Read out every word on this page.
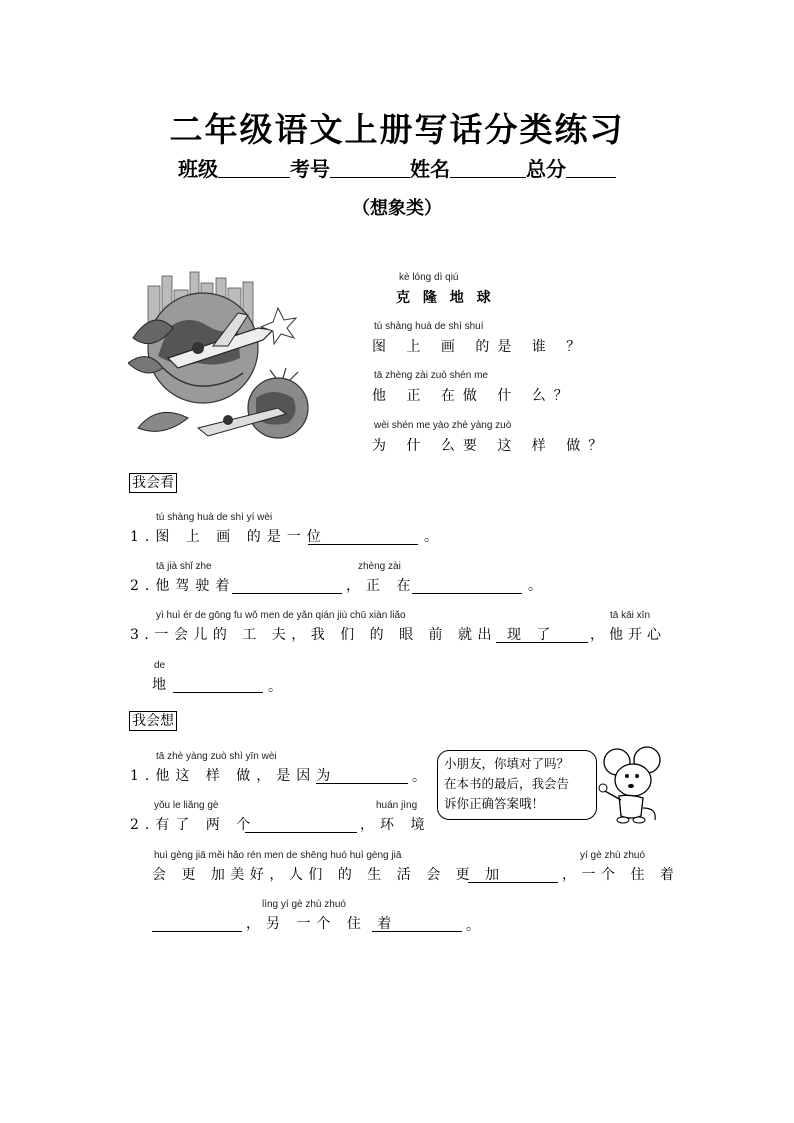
二年级语文上册写话分类练习
班级	考号	姓名	总分
（想象类）
kè lóng dì qiú
克 隆 地 球
tú shàng huà de shì shuí
图 上 画 的是 谁 ？
tā zhèng zài zuò shén me
他 正 在做 什 么？
wèi shén me yào zhè yàng zuò
为 什 么要 这 样 做？
我会看
tú shàng huà de shì yí wèi
1.图 上 画 的是一位	。
tā jià shǐ zhe
2.他驾驶着
zhèng zài
，正 在	。
yì huì ér de gōng fu wǒ men de yǎn qián jiù chū xiàn liǎo
3.一会儿的 工 夫，我 们 的 眼 前 就出 现 了
tā kāi xīn
，他开心
de
地	。
我会想
tā zhè yàng zuò shì yīn wèi
1.他这 样 做，是因为	。
yǒu le liǎng gè
2.有了 两 个
huán jìng
，环 境
huì gèng jiā měi hǎo rén men de shēng huó huì gèng jiā
会 更 加美好，人们 的 生 活 会 更 加
yí gè zhù zhuó
，一个 住 着
lìng yí gè zhù zhuó
，另 一个 住 着	。
小朋友，你填对了吗？
在本书的最后，我会告
诉你正确答案哦！
